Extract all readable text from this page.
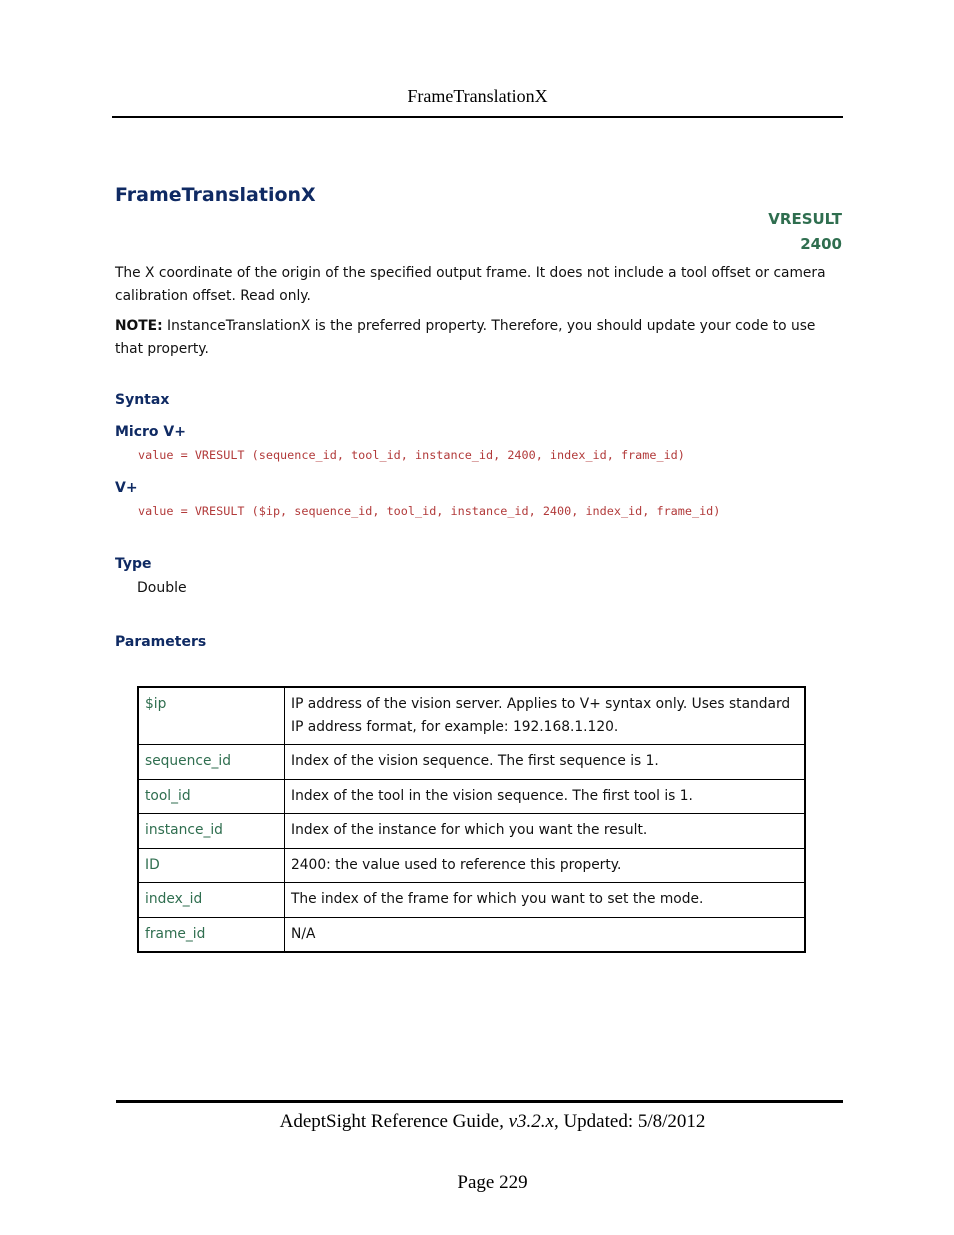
FrameTranslationX
FrameTranslationX
VRESULT
2400

The X coordinate of the origin of the specified output frame. It does not include a tool offset or camera calibration offset. Read only.

NOTE: InstanceTranslationX is the preferred property. Therefore, you should update your code to use that property.

Syntax
Micro V+
value = VRESULT (sequence_id, tool_id, instance_id, 2400, index_id, frame_id)
V+
value = VRESULT ($ip, sequence_id, tool_id, instance_id, 2400, index_id, frame_id)
Type
Double
Parameters
$ip	IP address of the vision server. Applies to V+ syntax only. Uses standard IP address format, for example: 192.168.1.120.
sequence_id	Index of the vision sequence. The first sequence is 1.
tool_id	Index of the tool in the vision sequence. The first tool is 1.
instance_id	Index of the instance for which you want the result.
ID	2400: the value used to reference this property.
index_id	The index of the frame for which you want to set the mode.
frame_id	N/A
AdeptSight Reference Guide, v3.2.x, Updated: 5/8/2012
Page 229
